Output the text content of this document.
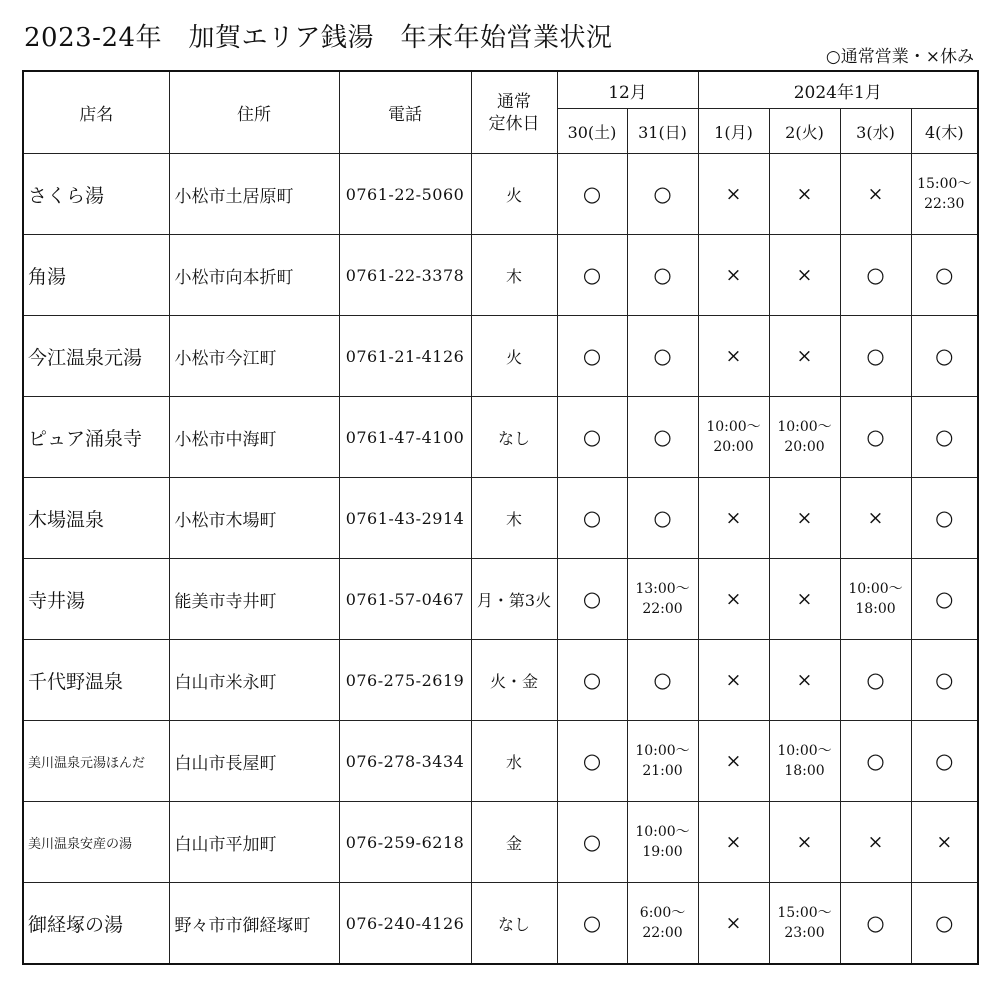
2023-24年　加賀エリア銭湯　年末年始営業状況
○通常営業・×休み
店名	住所	電話	通常
定休日	12月		2024年1月			
				30(土)	31(日)	1(月)	2(火)	3(水)	4(木)
さくら湯	小松市土居原町	0761-22-5060	火	○	○	×	×	×	15:00～
22:30
角湯	小松市向本折町	0761-22-3378	木	○	○	×	×	○	○
今江温泉元湯	小松市今江町	0761-21-4126	火	○	○	×	×	○	○
ピュア涌泉寺	小松市中海町	0761-47-4100	なし	○	○	10:00～
20:00	10:00～
20:00	○	○
木場温泉	小松市木場町	0761-43-2914	木	○	○	×	×	×	○
寺井湯	能美市寺井町	0761-57-0467	月・第3火	○	13:00～
22:00	×	×	10:00～
18:00	○
千代野温泉	白山市米永町	076-275-2619	火・金	○	○	×	×	○	○
美川温泉元湯ほんだ	白山市長屋町	076-278-3434	水	○	10:00～
21:00	×	10:00～
18:00	○	○
美川温泉安産の湯	白山市平加町	076-259-6218	金	○	10:00～
19:00	×	×	×	×
御経塚の湯	野々市市御経塚町	076-240-4126	なし	○	6:00～
22:00	×	15:00～
23:00	○	○
